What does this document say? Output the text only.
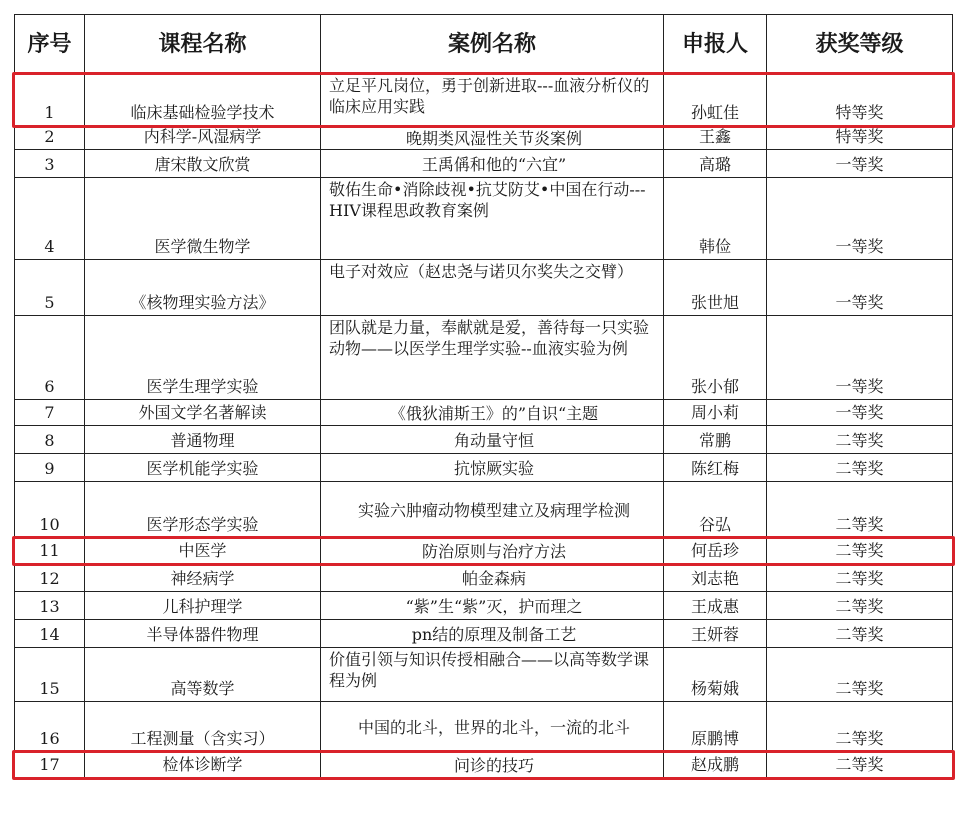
序号	课程名称	案例名称	申报人	获奖等级
1	临床基础检验学技术	立足平凡岗位，勇于创新进取---血液分析仪的临床应用实践	孙虹佳	特等奖
2	内科学-风湿病学	晚期类风湿性关节炎案例	王鑫	特等奖
3	唐宋散文欣赏	王禹偁和他的“六宜”	高璐	一等奖
4	医学微生物学	敬佑生命•消除歧视•抗艾防艾•中国在行动---HIV课程思政教育案例	韩俭	一等奖
5	《核物理实验方法》	电子对效应（赵忠尧与诺贝尔奖失之交臂）	张世旭	一等奖
6	医学生理学实验	团队就是力量，奉献就是爱，善待每一只实验动物——以医学生理学实验--血液实验为例	张小郁	一等奖
7	外国文学名著解读	《俄狄浦斯王》的”自识“主题	周小莉	一等奖
8	普通物理	角动量守恒	常鹏	二等奖
9	医学机能学实验	抗惊厥实验	陈红梅	二等奖
10	医学形态学实验	实验六肿瘤动物模型建立及病理学检测	谷弘	二等奖
11	中医学	防治原则与治疗方法	何岳珍	二等奖
12	神经病学	帕金森病	刘志艳	二等奖
13	儿科护理学	“紫”生“紫”灭，护而理之	王成惠	二等奖
14	半导体器件物理	pn结的原理及制备工艺	王妍蓉	二等奖
15	高等数学	价值引领与知识传授相融合——以高等数学课程为例	杨菊娥	二等奖
16	工程测量（含实习）	中国的北斗，世界的北斗，一流的北斗	原鹏博	二等奖
17	检体诊断学	问诊的技巧	赵成鹏	二等奖
